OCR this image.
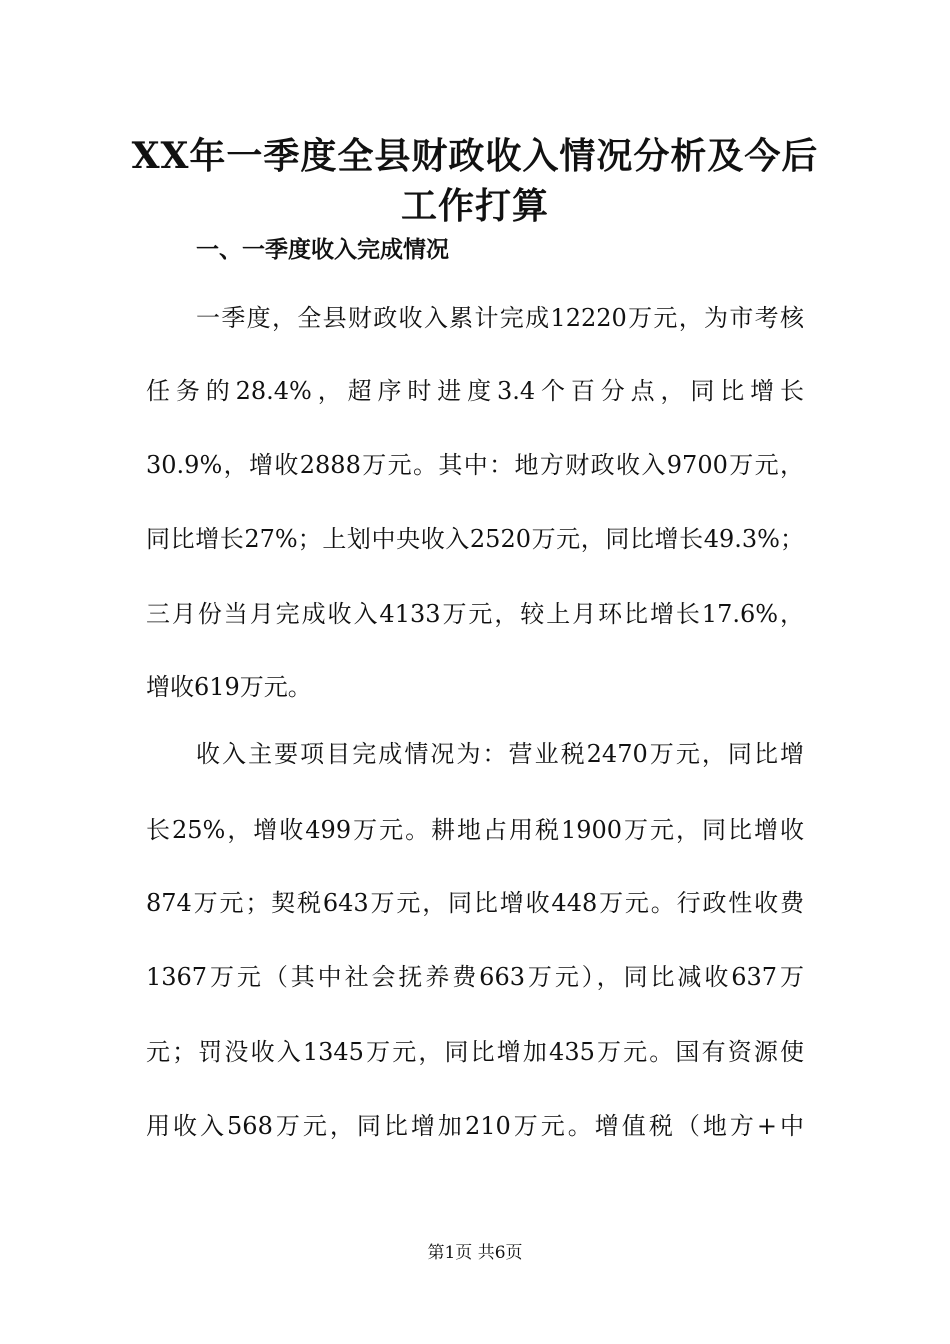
XX年一季度全县财政收入情况分析及今后
工作打算
一、一季度收入完成情况
一季度，全县财政收入累计完成12220万元，为市考核
任务的28.4%，超序时进度3.4个百分点，同比增长
30.9%，增收2888万元。其中：地方财政收入9700万元，
同比增长27%；上划中央收入2520万元，同比增长49.3%；
三月份当月完成收入4133万元，较上月环比增长17.6%，
增收619万元。
收入主要项目完成情况为：营业税2470万元，同比增
长25%，增收499万元。耕地占用税1900万元，同比增收
874万元；契税643万元，同比增收448万元。行政性收费
1367万元（其中社会抚养费663万元），同比减收637万
元；罚没收入1345万元，同比增加435万元。国有资源使
用收入568万元，同比增加210万元。增值税（地方+中
第1页 共6页
